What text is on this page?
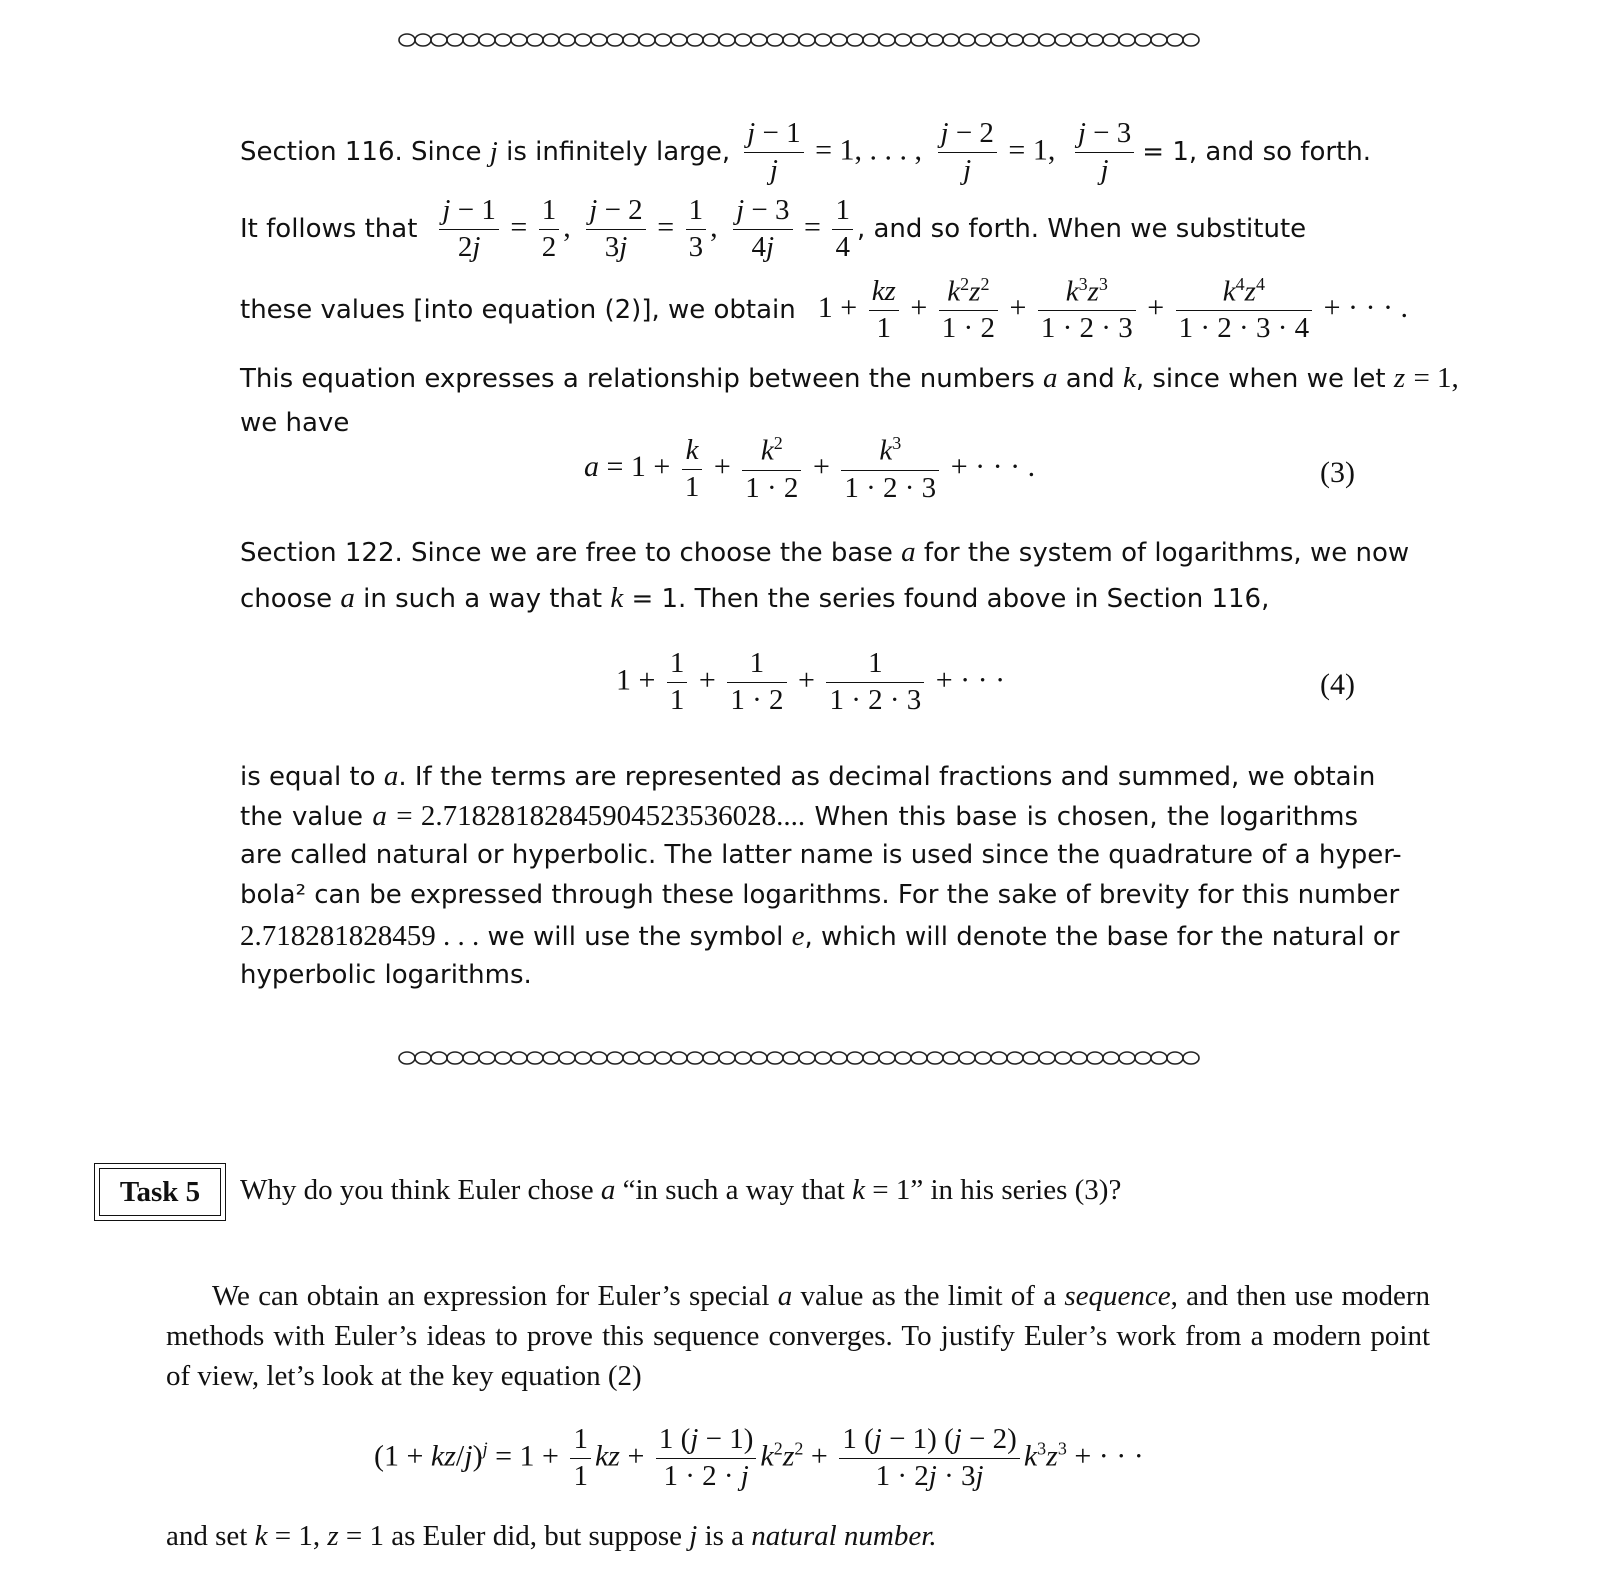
Section 116. Since
j
is infinitely large, $\frac{j - 1}{j} = 1$, . . . , $\frac{j - 2}{j} = 1$, $\frac{j - 3}{j} = 1$, and so forth.
It follows that $\frac{j - 1}{2j} = \frac{1}{2}$ , $\frac{j - 2}{3j} = \frac{1}{3}$ , $\frac{j - 3}{4j} = \frac{1}{4}$ , and so forth. When we substitute
these values [into equation (2)], we obtain $1 + \frac{kz}{1} + \frac{k^2z^2}{1 \cdot 2} + \frac{k^3z^3}{1 \cdot 2 \cdot 3} + \frac{k^4z^4}{1 \cdot 2 \cdot 3 \cdot 4}$ + · · · .
This equation expresses a relationship between the numbers a and k, since when we let z = 1,
we have
$a = 1 + \frac{k}{1} + \frac{k^2}{1 \cdot 2} + \frac{k^3}{1 \cdot 2 \cdot 3}$ + · · · .	(3)
Section 122. Since we are free to choose the base a for the system of logarithms, we now
choose a in such a way that k = 1. Then the series found above in Section 116,
$1 + \frac{1}{1} + \frac{1}{1 \cdot 2} + \frac{1}{1 \cdot 2 \cdot 3}$ + · · ·	(4)
is equal to a. If the terms are represented as decimal fractions and summed, we obtain
the value a = 2.71828182845904523536028.... When this base is chosen, the logarithms
are called natural or hyperbolic. The latter name is used since the quadrature of a hyper-
bola² can be expressed through these logarithms. For the sake of brevity for this number
2.718281828459 . . . we will use the symbol e, which will denote the base for the natural or
hyperbolic logarithms.
Task 5	Why do you think Euler chose a “in such a way that k = 1” in his series (3)?
We can obtain an expression for Euler’s special a value as the limit of a sequence, and then use modern methods with Euler’s ideas to prove this sequence converges. To justify Euler’s work from a modern point of view, let’s look at the key equation (2)
$(1 + kz/j)^j = 1 + \frac{1}{1}$ kz + $\frac{1 (j - 1)}{1 \cdot 2 \cdot j} k^2z^2 + \frac{1 (j - 1) (j - 2)}{1 \cdot 2j \cdot 3j} k^3z^3$ + · · ·
and set k = 1, z = 1 as Euler did, but suppose j is a natural number.
